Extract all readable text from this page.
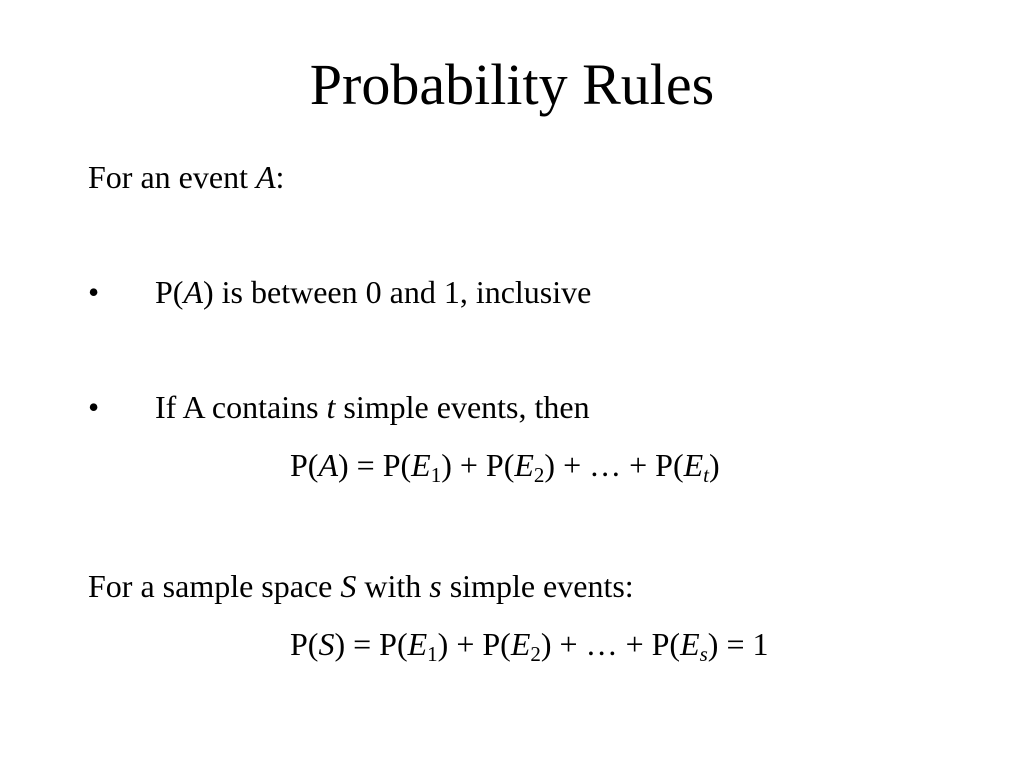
Probability Rules
For an event A:
• P(A) is between 0 and 1, inclusive
• If A contains t simple events, then
$P(A) = P(E_1) + P(E_2)$ + … + $P(E_t)$
For a sample space S with s simple events:
$P(S) = P(E_1) + P(E_2)$ + … + $P(E_s) = 1$
